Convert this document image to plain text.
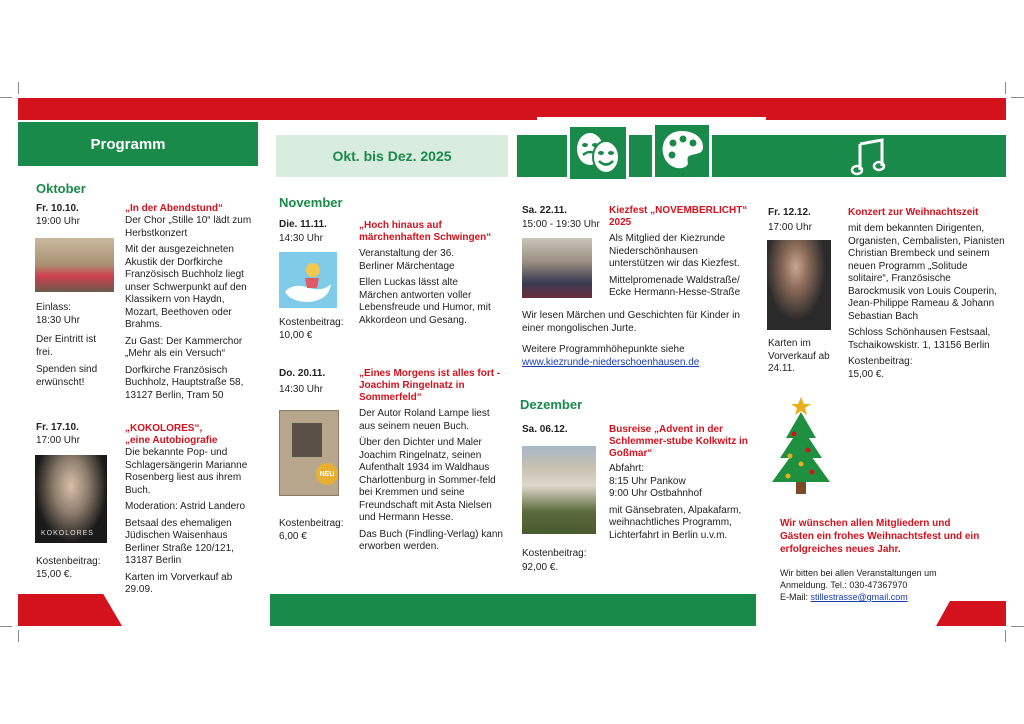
Programm
Okt. bis Dez. 2025
Oktober
Fr. 10.10.
19:00 Uhr
Einlass:
18:30 Uhr
Der Eintritt ist frei.
Spenden sind erwünscht!

„In der Abendstund“

Der Chor „Stille 10“ lädt zum Herbstkonzert

Mit der ausgezeichneten Akustik der Dorfkirche Französisch Buchholz liegt unser Schwerpunkt auf den Klassikern von Haydn, Mozart, Beethoven oder Brahms.

Zu Gast: Der Kammerchor „Mehr als ein Versuch“

Dorfkirche Französisch Buchholz, Hauptstraße 58, 13127 Berlin, Tram 50

Fr. 17.10.
17:00 Uhr
KOKOLORES
Kostenbeitrag:
15,00 €.

„KOKOLORES“, „eine Autobiografie

Die bekannte Pop- und Schlagersängerin Marianne Rosenberg liest aus ihrem Buch.

Moderation: Astrid Landero

Betsaal des ehemaligen Jüdischen Waisenhaus Berliner Straße 120/121, 13187 Berlin

Karten im Vorverkauf ab 29.09.

November
Die. 11.11.
14:30 Uhr
Kostenbeitrag:
10,00 €

„Hoch hinaus auf märchenhaften Schwingen“

Veranstaltung der 36. Berliner Märchentage

Ellen Luckas lässt alte Märchen antworten voller Lebensfreude und Humor, mit Akkordeon und Gesang.

Do. 20.11.
14:30 Uhr
NEU
Kostenbeitrag:
6,00 €

„Eines Morgens ist alles fort - Joachim Ringelnatz in Sommerfeld“

Der Autor Roland Lampe liest aus seinem neuen Buch.

Über den Dichter und Maler Joachim Ringelnatz, seinen Aufenthalt 1934 im Waldhaus Charlottenburg in Sommer-feld bei Kremmen und seine Freundschaft mit Asta Nielsen und Hermann Hesse.

Das Buch (Findling-Verlag) kann erworben werden.

Sa. 22.11.
15:00 - 19:30 Uhr

Kiezfest „NOVEMBERLICHT“ 2025

Als Mitglied der Kiezrunde Niederschönhausen unterstützen wir das Kiezfest.

Mittelpromenade Waldstraße/ Ecke Hermann-Hesse-Straße

Wir lesen Märchen und Geschichten für Kinder in einer mongolischen Jurte.

Weitere Programmhöhepunkte siehe

www.kiezrunde-niederschoenhausen.de

Dezember
Sa. 06.12.
Kostenbeitrag:
92,00 €.

Busreise „Advent in der Schlemmer-stube Kolkwitz in Goßmar“

Abfahrt:

8:15 Uhr Pankow

9:00 Uhr Ostbahnhof

mit Gänsebraten, Alpakafarm, weihnachtliches Programm, Lichterfahrt in Berlin u.v.m.

Fr. 12.12.
17:00 Uhr
Karten im Vorverkauf ab 24.11.

Konzert zur Weihnachtszeit

mit dem bekannten Dirigenten, Organisten, Cembalisten, Pianisten Christian Brembeck und seinem neuen Programm „Solitude solitaire“, Französische Barockmusik von Louis Couperin, Jean-Philippe Rameau & Johann Sebastian Bach

Schloss Schönhausen Festsaal, Tschaikowskistr. 1, 13156 Berlin

Kostenbeitrag:

15,00 €.

Wir wünschen allen Mitgliedern und Gästen ein frohes Weihnachtsfest und ein erfolgreiches neues Jahr.

Wir bitten bei allen Veranstaltungen um Anmeldung. Tel.: 030-47367970

E-Mail: stillestrasse@gmail.com
